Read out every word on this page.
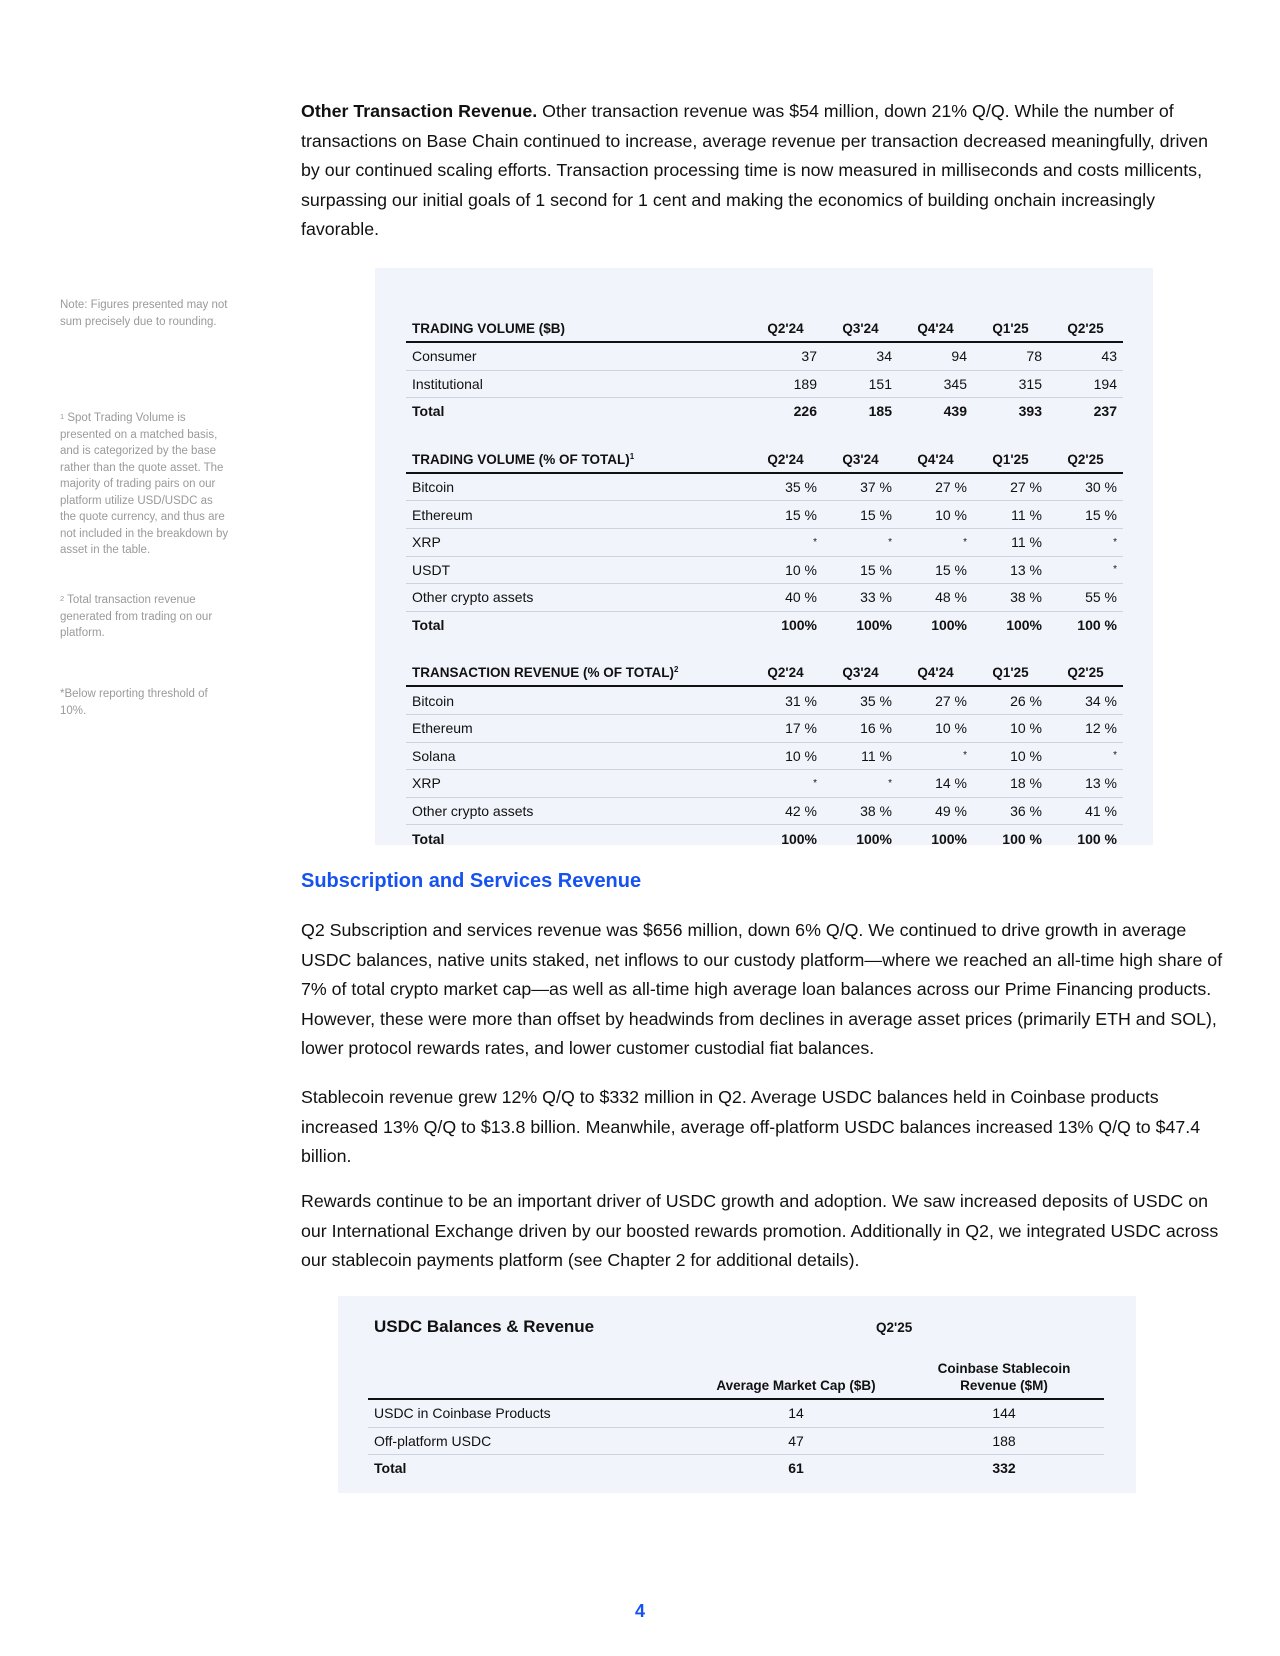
Other Transaction Revenue. Other transaction revenue was $54 million, down 21% Q/Q. While the number of transactions on Base Chain continued to increase, average revenue per transaction decreased meaningfully, driven by our continued scaling efforts. Transaction processing time is now measured in milliseconds and costs millicents, surpassing our initial goals of 1 second for 1 cent and making the economics of building onchain increasingly favorable.

Note: Figures presented may not sum precisely due to rounding.

$^1$ Spot Trading Volume is presented on a matched basis, and is categorized by the base rather than the quote asset. The majority of trading pairs on our platform utilize USD/USDC as the quote currency, and thus are not included in the breakdown by asset in the table.

$^2$ Total transaction revenue generated from trading on our platform.

*Below reporting threshold of 10%.

TRADING VOLUME ($B)	Q2'24	Q3'24	Q4'24	Q1'25	Q2'25
Consumer	37	34	94	78	43
Institutional	189	151	345	315	194
Total	226	185	439	393	237

TRADING VOLUME (% OF TOTAL)$^1$	Q2'24	Q3'24	Q4'24	Q1'25	Q2'25
Bitcoin	35 %	37 %	27 %	27 %	30 %
Ethereum	15 %	15 %	10 %	11 %	15 %
XRP	*	*	*	11 %	*
USDT	10 %	15 %	15 %	13 %	*
Other crypto assets	40 %	33 %	48 %	38 %	55 %
Total	100%	100%	100%	100%	100 %

TRANSACTION REVENUE (% OF TOTAL)$^2$	Q2'24	Q3'24	Q4'24	Q1'25	Q2'25
Bitcoin	31 %	35 %	27 %	26 %	34 %
Ethereum	17 %	16 %	10 %	10 %	12 %
Solana	10 %	11 %	*	10 %	*
XRP	*	*	14 %	18 %	13 %
Other crypto assets	42 %	38 %	49 %	36 %	41 %
Total	100%	100%	100%	100 %	100 %
Subscription and Services Revenue

Q2 Subscription and services revenue was $656 million, down 6% Q/Q. We continued to drive growth in average USDC balances, native units staked, net inflows to our custody platform—where we reached an all-time high share of 7% of total crypto market cap—as well as all-time high average loan balances across our Prime Financing products. However, these were more than offset by headwinds from declines in average asset prices (primarily ETH and SOL), lower protocol rewards rates, and lower customer custodial fiat balances.

Stablecoin revenue grew 12% Q/Q to $332 million in Q2. Average USDC balances held in Coinbase products increased 13% Q/Q to $13.8 billion. Meanwhile, average off-platform USDC balances increased 13% Q/Q to $47.4 billion.

Rewards continue to be an important driver of USDC growth and adoption. We saw increased deposits of USDC on our International Exchange driven by our boosted rewards promotion. Additionally in Q2, we integrated USDC across our stablecoin payments platform (see Chapter 2 for additional details).

USDC Balances & Revenue	Q2'25
	Average Market Cap ($B)	Coinbase Stablecoin Revenue ($M)
USDC in Coinbase Products	14	144
Off-platform USDC	47	188
Total	61	332
4
